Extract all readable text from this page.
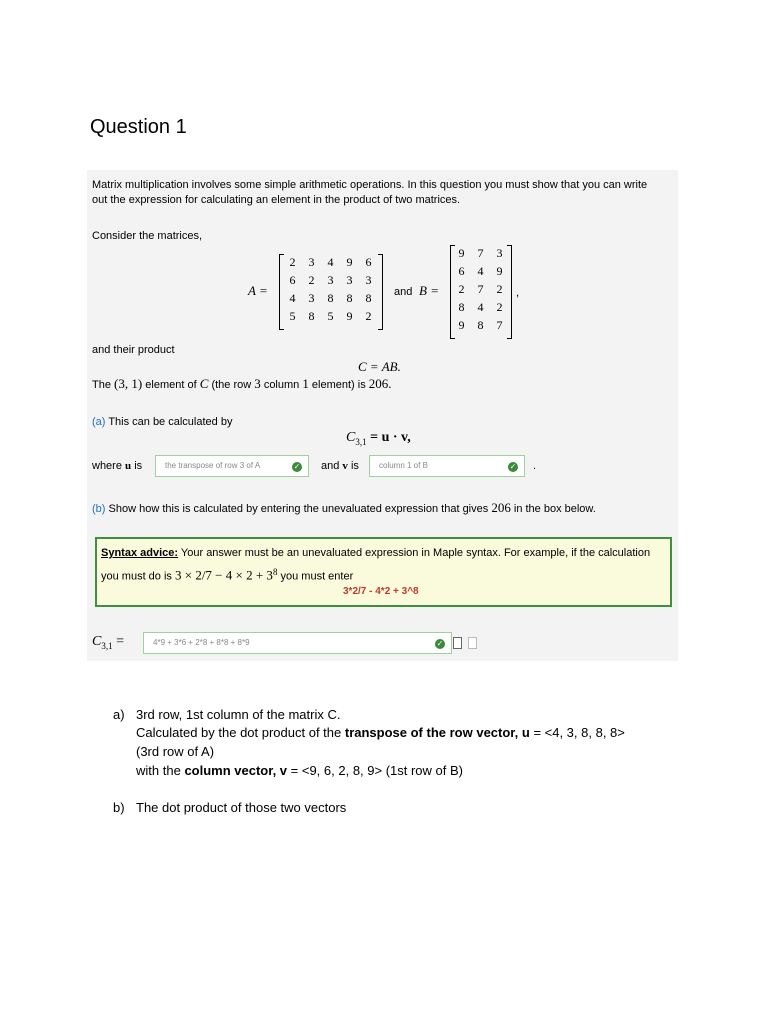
Question 1
Matrix multiplication involves some simple arithmetic operations. In this question you must show that you can write
out the expression for calculating an element in the product of two matrices.
Consider the matrices,
A =
2	3	4	9	6
6	2	3	3	3
4	3	8	8	8
5	8	5	9	2
and B =
9	7	3
6	4	9
2	7	2
8	4	2
9	8	7
,
and their product
C = AB.
The (3, 1) element of C (the row 3 column 1 element) is 206.
(a) This can be calculated by
$C_{3,1} = u \cdot v$,
where u is	the transpose of row 3 of A	✓ and v is	column 1 of B	✓ .
(b) Show how this is calculated by entering the unevaluated expression that gives 206 in the box below.
Syntax advice: Your answer must be an unevaluated expression in Maple syntax. For example, if the calculation
you must do is $3 \times 2/7 - 4 \times 2 + 3^8$ you must enter
3*2/7 - 4*2 + 3^8
$C_{3,1}$ =	4*9 + 3*6 + 2*8 + 8*8 + 8*9	✓
a) 3rd row, 1st column of the matrix C.
Calculated by the dot product of the transpose of the row vector, u = <4, 3, 8, 8, 8>
(3rd row of A)
with the column vector, v = <9, 6, 2, 8, 9> (1st row of B)
b) The dot product of those two vectors
